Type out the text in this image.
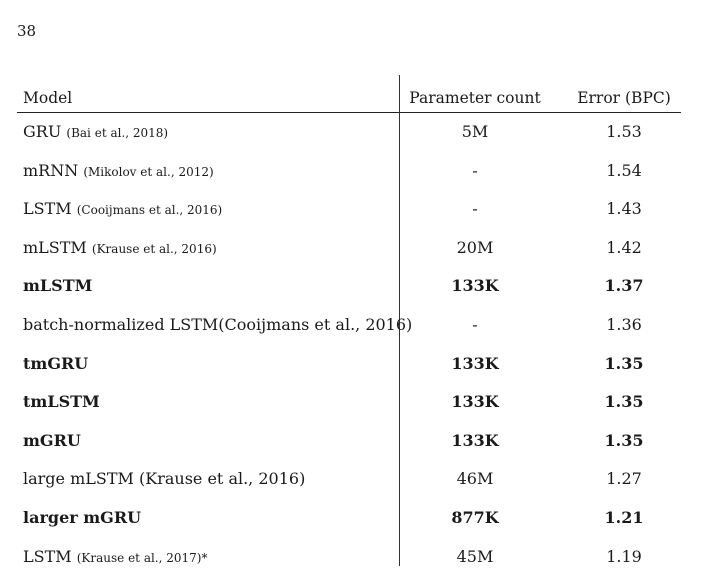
38
Model	Parameter count	Error (BPC)
GRU (Bai et al., 2018)	5M	1.53
mRNN (Mikolov et al., 2012)	-	1.54
LSTM (Cooijmans et al., 2016)	-	1.43
mLSTM (Krause et al., 2016)	20M	1.42
mLSTM	133K	1.37
batch-normalized LSTM(Cooijmans et al., 2016)	-	1.36
tmGRU	133K	1.35
tmLSTM	133K	1.35
mGRU	133K	1.35
large mLSTM (Krause et al., 2016)	46M	1.27
larger mGRU	877K	1.21
LSTM (Krause et al., 2017)*	45M	1.19
